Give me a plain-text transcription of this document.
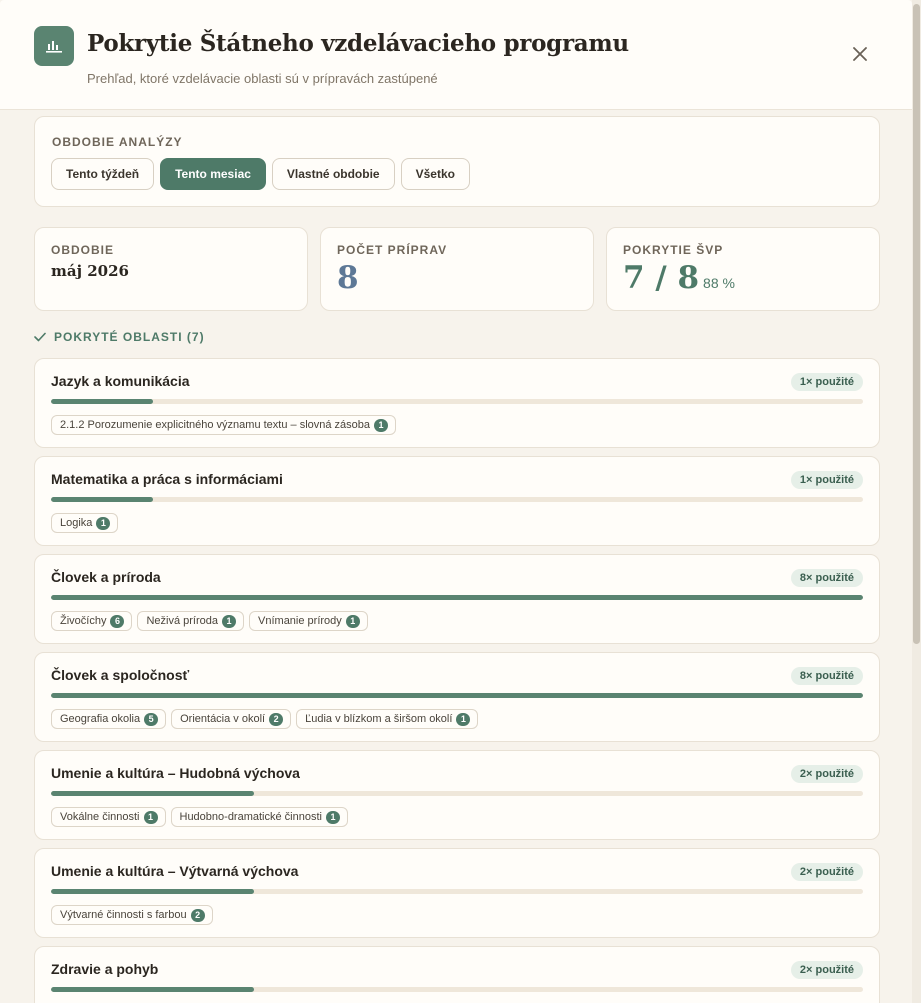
Pokrytie Štátneho vzdelávacieho programu
Prehľad, ktoré vzdelávacie oblasti sú v prípravách zastúpené
OBDOBIE ANALÝZY
Tento týždeň	Tento mesiac	Vlastné obdobie	Všetko
OBDOBIE
máj 2026
POČET PRÍPRAV
8
POKRYTIE ŠVP
7 / 8 88 %
POKRYTÉ OBLASTI (7)
Jazyk a komunikácia	1× použité
2.1.2 Porozumenie explicitného významu textu – slovná zásoba 1
Matematika a práca s informáciami	1× použité
Logika 1
Človek a príroda	8× použité
Živočíchy 6	Neživá príroda 1	Vnímanie prírody 1
Človek a spoločnosť	8× použité
Geografia okolia 5	Orientácia v okolí 2	Ľudia v blízkom a širšom okolí 1
Umenie a kultúra – Hudobná výchova	2× použité
Vokálne činnosti 1	Hudobno-dramatické činnosti 1
Umenie a kultúra – Výtvarná výchova	2× použité
Výtvarné činnosti s farbou 2
Zdravie a pohyb	2× použité
